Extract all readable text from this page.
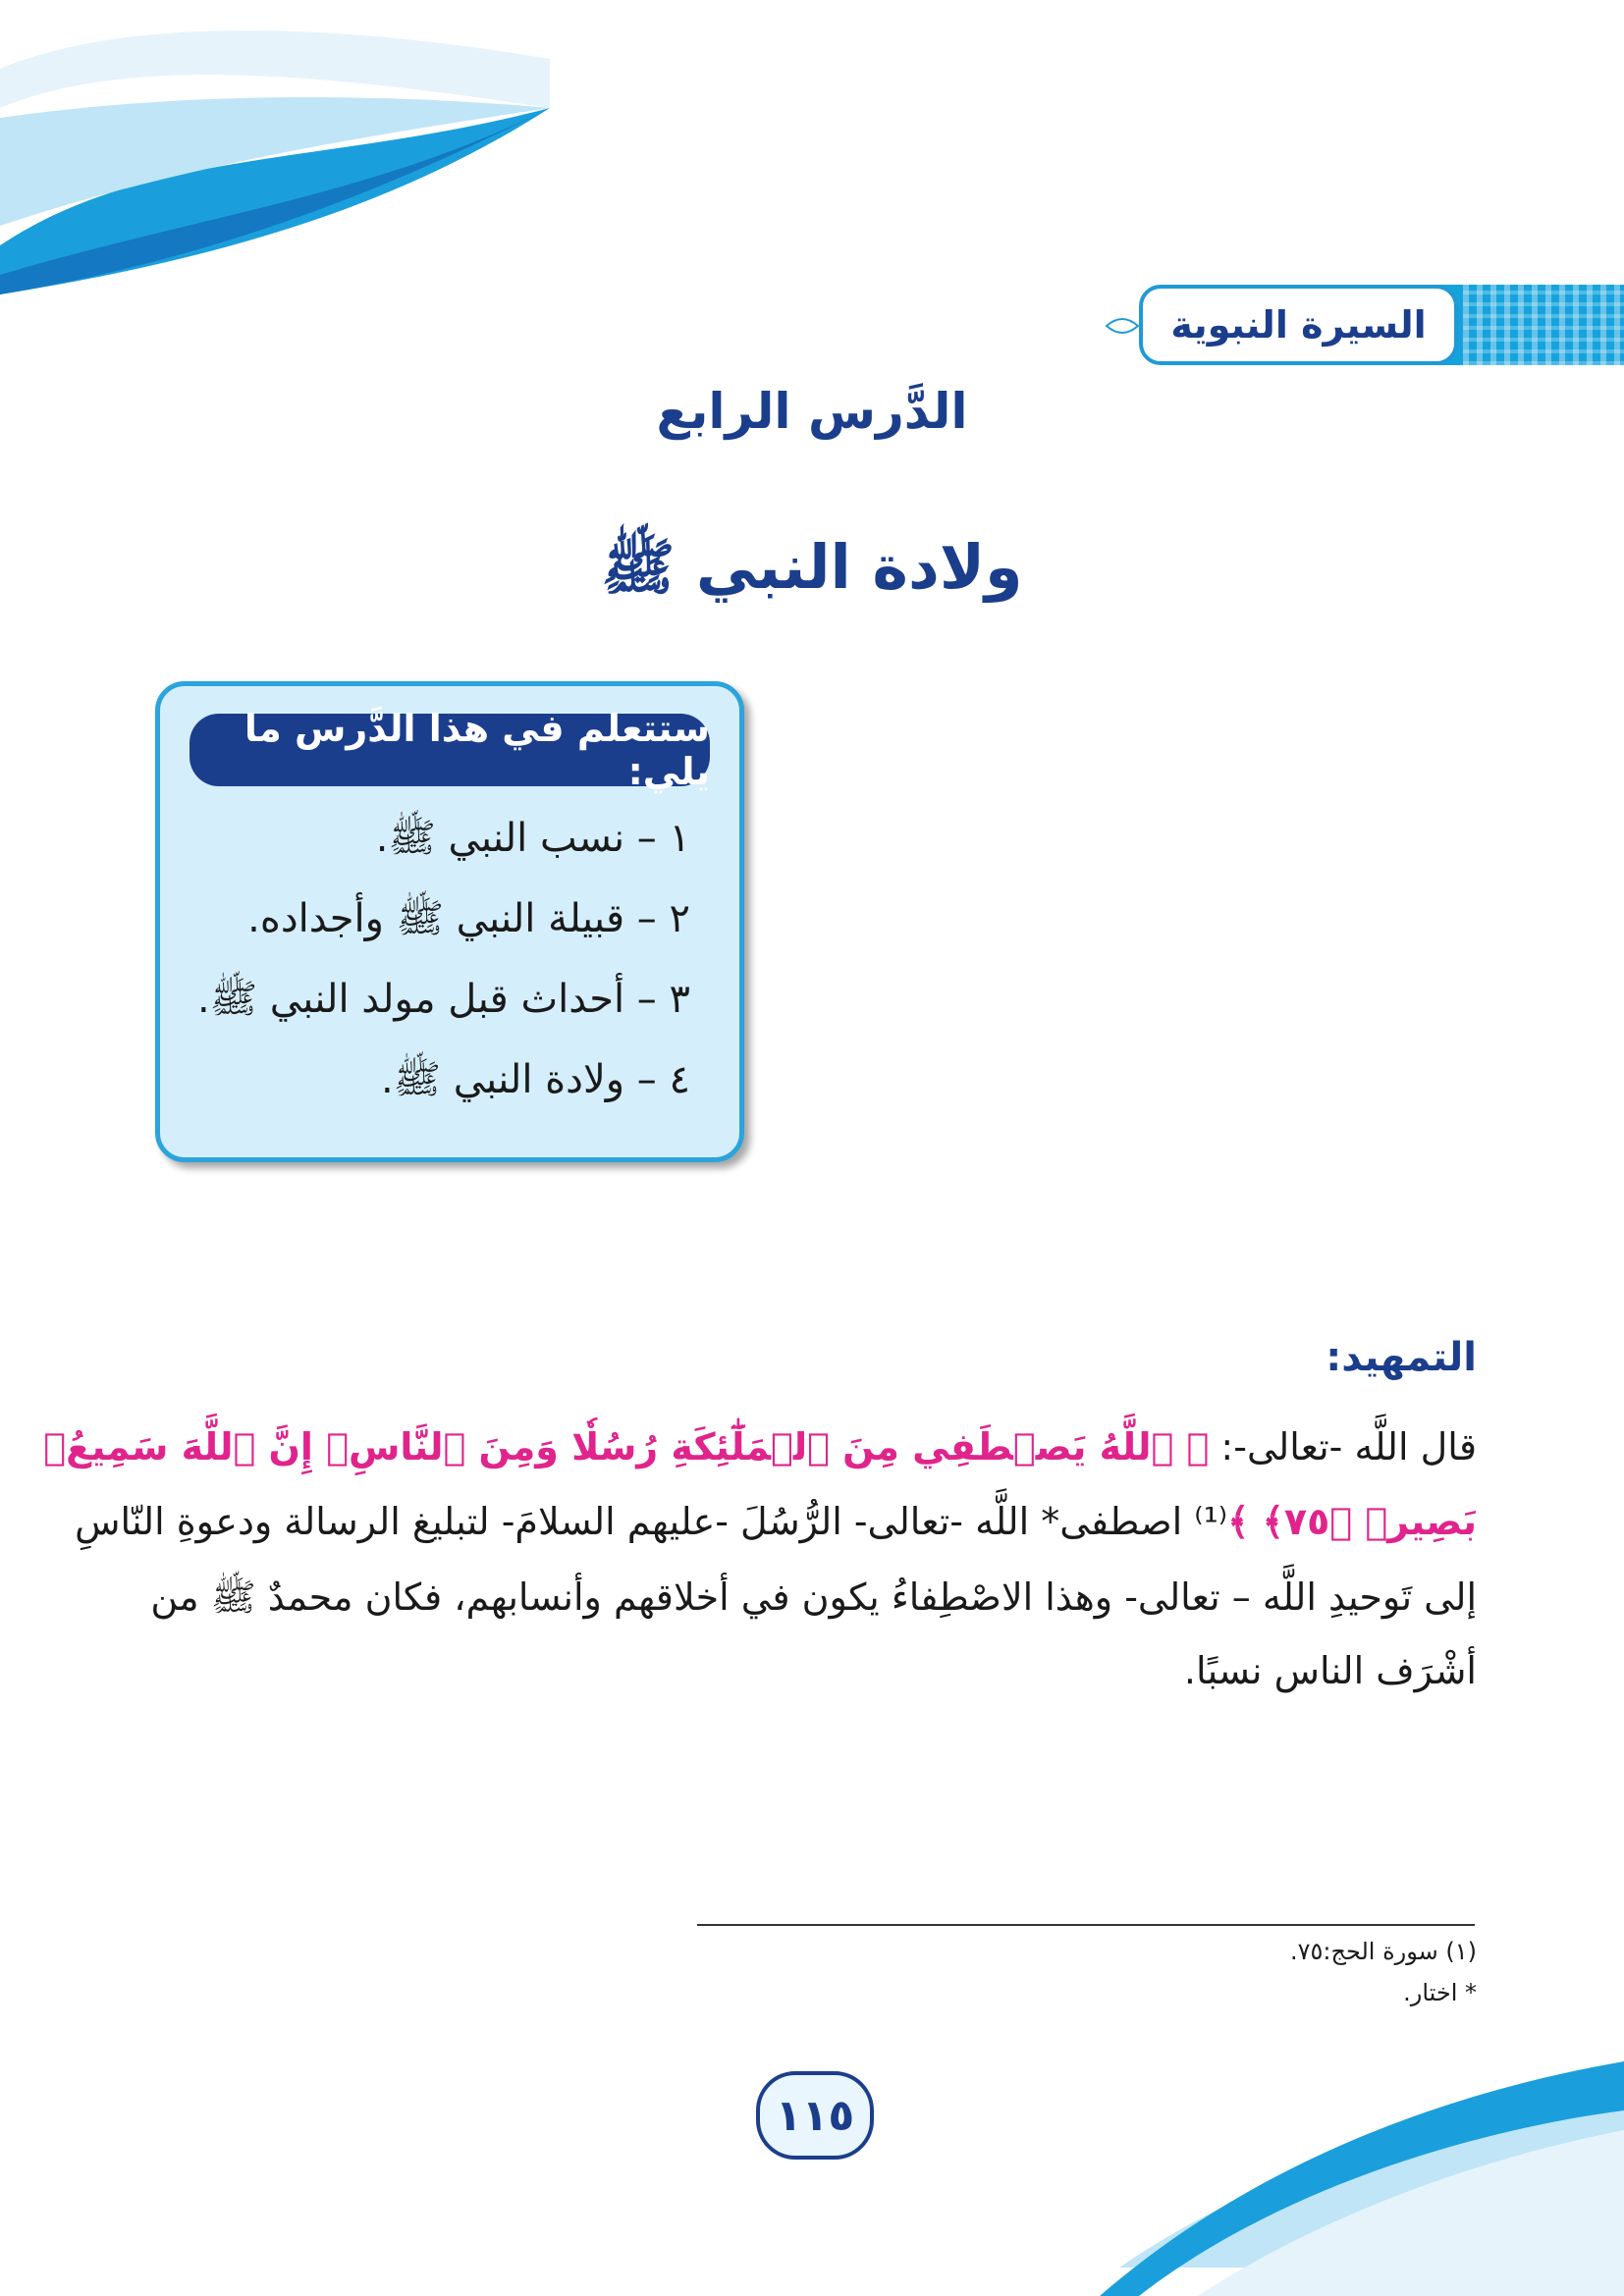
السيرة النبوية
الدَّرس الرابع
ولادة النبي ﷺ
ستتعلم في هذا الدَّرس ما يلي:
١ – نسب النبي ﷺ.
٢ – قبيلة النبي ﷺ وأجداده.
٣ – أحداث قبل مولد النبي ﷺ.
٤ – ولادة النبي ﷺ.
التمهيد:
قال اللَّه -تعالى-: ﴿ ٱللَّهُ يَصۡطَفِي مِنَ ٱلۡمَلَٰٓئِكَةِ رُسُلٗا وَمِنَ ٱلنَّاسِۚ إِنَّ ٱللَّهَ سَمِيعُۢ
بَصِيرٞ ﴿٧٥﴾ ﴾⁽¹⁾ اصطفى* اللَّه -تعالى- الرُّسُلَ -عليهم السلامَ- لتبليغ الرسالة ودعوةِ النّاسِ
إلى تَوحيدِ اللَّه – تعالى- وهذا الاصْطِفاءُ يكون في أخلاقهم وأنسابهم، فكان محمدٌ ﷺ من
أشْرَف الناس نسبًا.
(١) سورة الحج:٧٥.
* اختار.
١١٥
